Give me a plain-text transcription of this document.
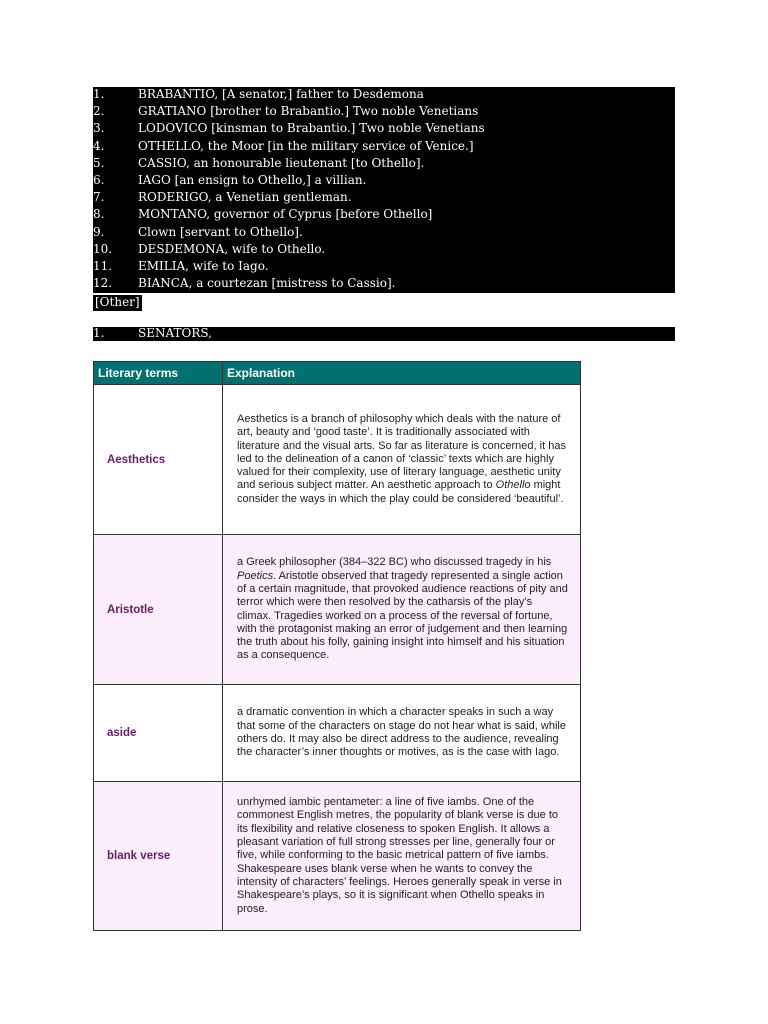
1.	BRABANTIO, [A senator,] father to Desdemona
2.	GRATIANO [brother to Brabantio.] Two noble Venetians
3.	LODOVICO [kinsman to Brabantio.] Two noble Venetians
4.	OTHELLO, the Moor [in the military service of Venice.]
5.	CASSIO, an honourable lieutenant [to Othello].
6.	IAGO [an ensign to Othello,] a villian.
7.	RODERIGO, a Venetian gentleman.
8.	MONTANO, governor of Cyprus [before Othello]
9.	Clown [servant to Othello].
10. DESDEMONA, wife to Othello.
11. EMILIA, wife to Iago.
12. BIANCA, a courtezan [mistress to Cassio].
[Other]
1.	SENATORS,
Literary terms	Explanation
Aesthetics	Aesthetics is a branch of philosophy which deals with the nature of art, beauty and ‘good taste’. It is traditionally associated with literature and the visual arts. So far as literature is concerned, it has led to the delineation of a canon of ‘classic’ texts which are highly valued for their complexity, use of literary language, aesthetic unity and serious subject matter. An aesthetic approach to Othello might consider the ways in which the play could be considered ‘beautiful’.
Aristotle	a Greek philosopher (384–322 BC) who discussed tragedy in his Poetics. Aristotle observed that tragedy represented a single action of a certain magnitude, that provoked audience reactions of pity and terror which were then resolved by the catharsis of the play’s climax. Tragedies worked on a process of the reversal of fortune, with the protagonist making an error of judgement and then learning the truth about his folly, gaining insight into himself and his situation as a consequence.
aside	a dramatic convention in which a character speaks in such a way that some of the characters on stage do not hear what is said, while others do. It may also be direct address to the audience, revealing the character’s inner thoughts or motives, as is the case with Iago.
blank verse	unrhymed iambic pentameter: a line of five iambs. One of the commonest English metres, the popularity of blank verse is due to its flexibility and relative closeness to spoken English. It allows a pleasant variation of full strong stresses per line, generally four or five, while conforming to the basic metrical pattern of five iambs. Shakespeare uses blank verse when he wants to convey the intensity of characters’ feelings. Heroes generally speak in verse in Shakespeare’s plays, so it is significant when Othello speaks in prose.
